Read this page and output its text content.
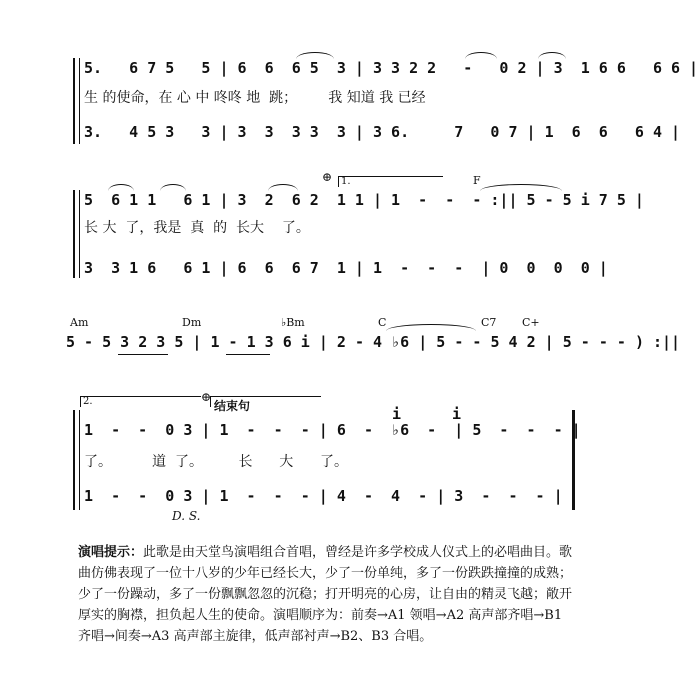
5.   6 7 5   5 | 6  6  6 5  3 | 3 3 2 2   -   0 2 | 3  1 6 6   6 6 |
生 的使命，在 心 中 咚咚 地  跳；       我 知道 我 已经
3.   4 5 3   3 | 3  3  3 3  3 | 3 6.     7   0 7 | 1  6  6   6 4 |
⊕ 1.	F
5  6 1 1   6 1 | 3  2  6 2  1 1 | 1  -  -  - :|| 5 - 5 i 7 5 |
长 大  了，我是  真  的  长大    了。
3  3 1 6   6 1 | 6  6  6 7  1 | 1  -  -  -  | 0  0  0  0 |
Am	Dm	♭Bm	C	C7 C+
5 - 5 3 2 3 5 | 1 - 1 3 6 i | 2 - 4 ♭6 | 5 - - 5 4 2 | 5 - - - ) :||
2.	⊕
结束句	i	i
1  -  -  0 3 | 1  -  -  - | 6  -  ♭6  -  | 5  -  -  - |
了。         道  了。        长      大      了。
1  -  -  0 3 | 1  -  -  - | 4  -  4  - | 3  -  -  - |
D. S.
演唱提示：此歌是由天堂鸟演唱组合首唱，曾经是许多学校成人仪式上的必唱曲目。歌曲仿佛表现了一位十八岁的少年已经长大，少了一份单纯，多了一份跌跌撞撞的成熟；少了一份躁动，多了一份飘飘忽忽的沉稳；打开明亮的心房，让自由的精灵飞越；敞开厚实的胸襟，担负起人生的使命。演唱顺序为：前奏→A1 领唱→A2 高声部齐唱→B1 齐唱→间奏→A3 高声部主旋律，低声部衬声→B2、B3 合唱。
